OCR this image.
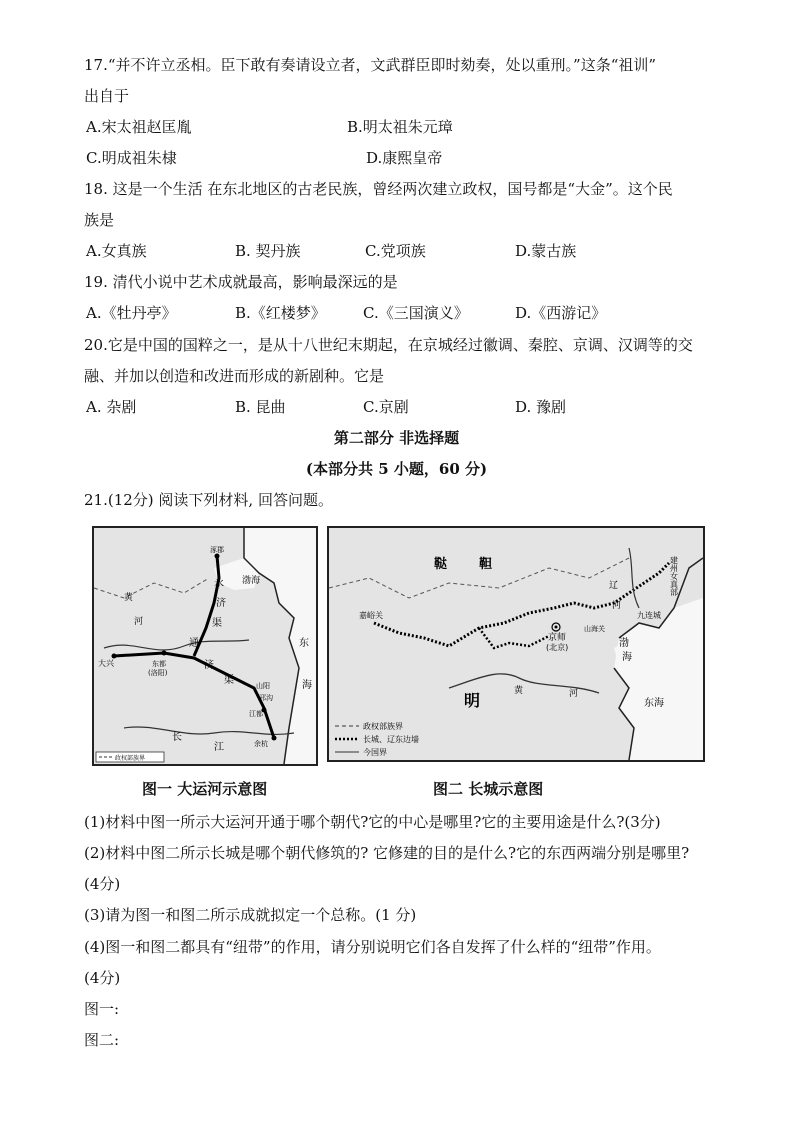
17.“并不许立丞相。臣下敢有奏请设立者，文武群臣即时劾奏，处以重刑。”这条“祖训”
出自于
A.宋太祖赵匡胤	B.明太祖朱元璋
C.明成祖朱棣	D.康熙皇帝
18. 这是一个生活 在东北地区的古老民族，曾经两次建立政权，国号都是“大金”。这个民
族是
A.女真族	B. 契丹族	C.党项族	D.蒙古族
19. 清代小说中艺术成就最高，影响最深远的是
A.《牡丹亭》	B.《红楼梦》 C.《三国演义》	D.《西游记》
20.它是中国的国粹之一，是从十八世纪末期起，在京城经过徽调、秦腔、京调、汉调等的交
融、并加以创造和改进而形成的新剧种。它是
A. 杂剧	B. 昆曲	C.京剧	D. 豫剧
第二部分 非选择题
(本部分共 5 小题，60 分)
21.(12分) 阅读下列材料, 回答问题。
涿郡
永
济
渠
渤海
黄
河
东
海
通
济
渠
大兴	东都
(洛阳)
山阳
江都
余杭
邗沟
长
江
政权部族界
建州女真部
鞑 靼
辽
河
嘉峪关
京师
(北京)
山海关
九连城
渤
海
明	黄	河
东海
政权部族界
长城、辽东边墙
今国界
图一 大运河示意图	图二 长城示意图
(1)材料中图一所示大运河开通于哪个朝代?它的中心是哪里?它的主要用途是什么?(3分)
(2)材料中图二所示长城是哪个朝代修筑的? 它修建的目的是什么?它的东西两端分别是哪里?
(4分)
(3)请为图一和图二所示成就拟定一个总称。(1 分)
(4)图一和图二都具有“纽带”的作用，请分别说明它们各自发挥了什么样的“纽带”作用。
(4分)
图一:
图二:
